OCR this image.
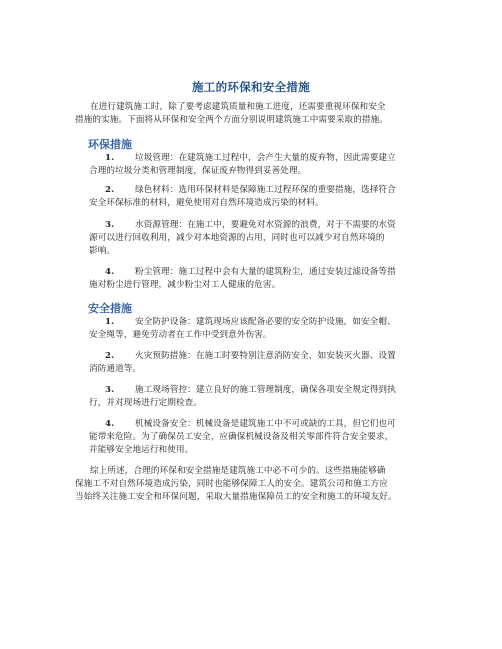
施工的环保和安全措施
在进行建筑施工时，除了要考虑建筑质量和施工进度，还需要重视环保和安全
措施的实施。下面将从环保和安全两个方面分别说明建筑施工中需要采取的措施。
环保措施
1. 垃圾管理：在建筑施工过程中，会产生大量的废弃物，因此需要建立
合理的垃圾分类和管理制度，保证废弃物得到妥善处理。
2. 绿色材料：选用环保材料是保障施工过程环保的重要措施，选择符合
安全环保标准的材料，避免使用对自然环境造成污染的材料。
3. 水资源管理：在施工中，要避免对水资源的浪费，对于不需要的水资
源可以进行回收利用，减少对本地资源的占用，同时也可以减少对自然环境的
影响。
4. 粉尘管理：施工过程中会有大量的建筑粉尘，通过安装过滤设备等措
施对粉尘进行管理，减少粉尘对工人健康的危害。
安全措施
1. 安全防护设备：建筑现场应该配备必要的安全防护设施，如安全帽、
安全绳等，避免劳动者在工作中受到意外伤害。
2. 火灾预防措施：在施工时要特别注意消防安全，如安装灭火器、设置
消防通道等。
3. 施工现场管控：建立良好的施工管理制度，确保各项安全规定得到执
行，并对现场进行定期检查。
4. 机械设备安全：机械设备是建筑施工中不可或缺的工具，但它们也可
能带来危险。为了确保员工安全，应确保机械设备及相关零部件符合安全要求，
并能够安全地运行和使用。
综上所述，合理的环保和安全措施是建筑施工中必不可少的。这些措施能够确
保施工不对自然环境造成污染，同时也能够保障工人的安全。建筑公司和施工方应
当始终关注施工安全和环保问题，采取大量措施保障员工的安全和施工的环境友好。
